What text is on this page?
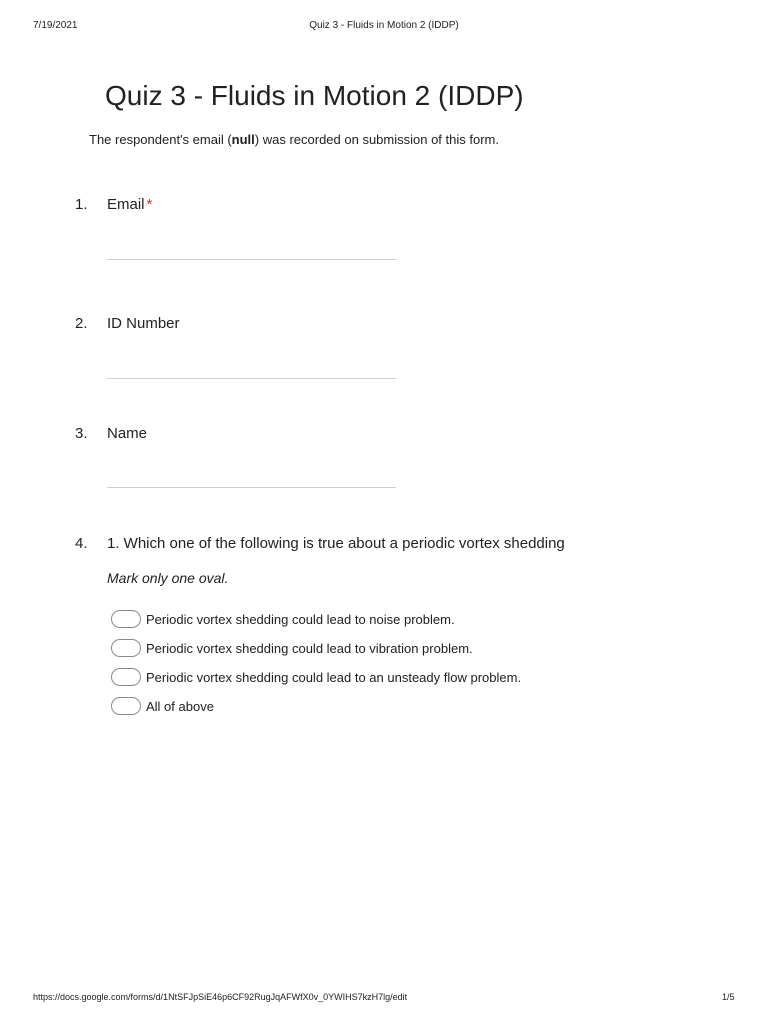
7/19/2021	Quiz 3 - Fluids in Motion 2 (IDDP)
Quiz 3 - Fluids in Motion 2 (IDDP)
The respondent's email (null) was recorded on submission of this form.
1. Email *
2. ID Number
3. Name
4. 1. Which one of the following is true about a periodic vortex shedding
Mark only one oval.
Periodic vortex shedding could lead to noise problem.
Periodic vortex shedding could lead to vibration problem.
Periodic vortex shedding could lead to an unsteady flow problem.
All of above
https://docs.google.com/forms/d/1NtSFJpSiE46p6CF92RugJqAFWfX0v_0YWIHS7kzH7lg/edit	1/5
